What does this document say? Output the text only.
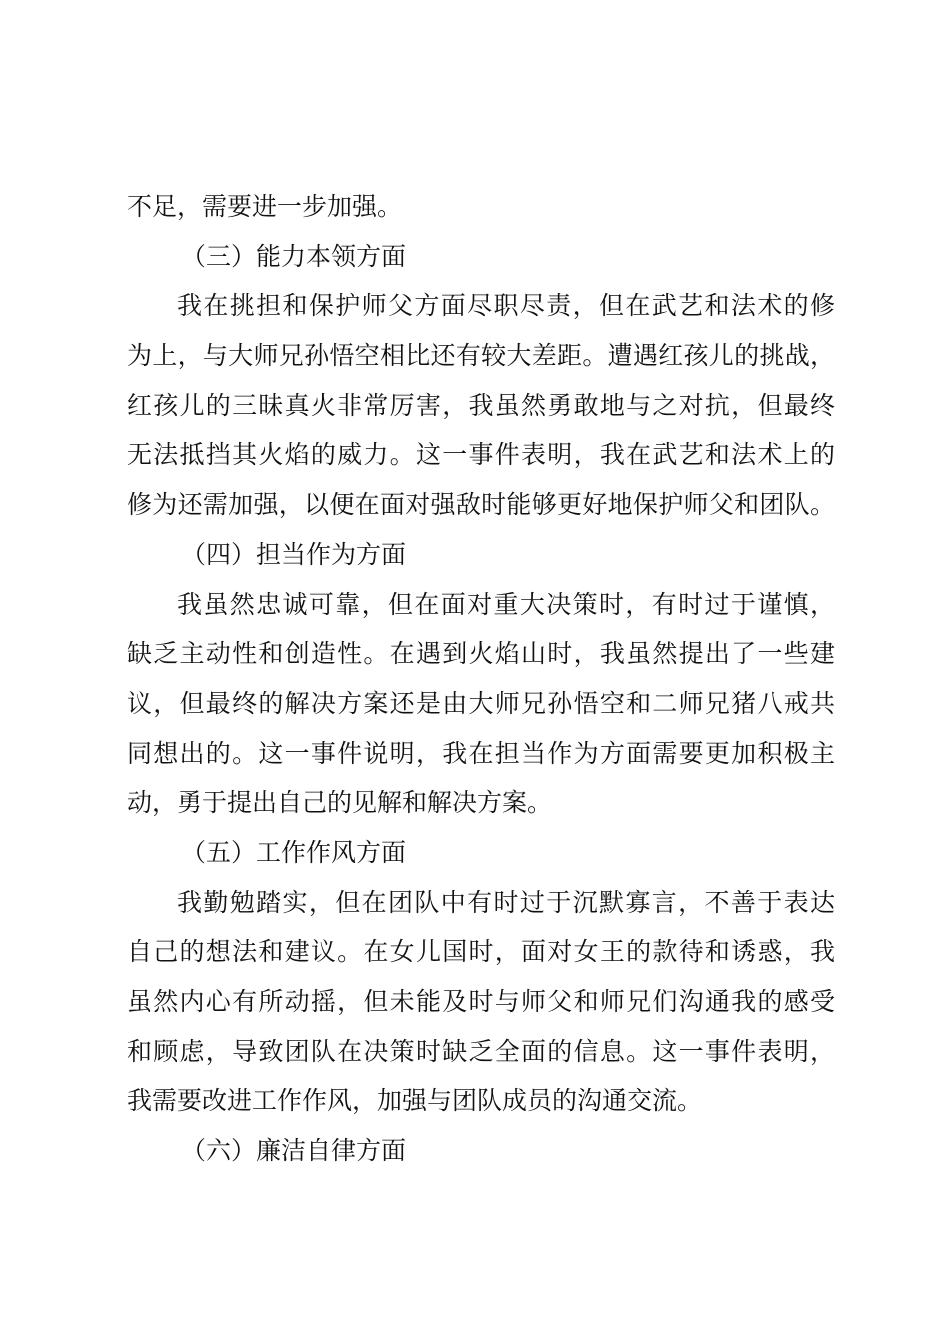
不足，需要进一步加强。
（三）能力本领方面
我在挑担和保护师父方面尽职尽责，但在武艺和法术的修
为上，与大师兄孙悟空相比还有较大差距。遭遇红孩儿的挑战，
红孩儿的三昧真火非常厉害，我虽然勇敢地与之对抗，但最终
无法抵挡其火焰的威力。这一事件表明，我在武艺和法术上的
修为还需加强，以便在面对强敌时能够更好地保护师父和团队。
（四）担当作为方面
我虽然忠诚可靠，但在面对重大决策时，有时过于谨慎，
缺乏主动性和创造性。在遇到火焰山时，我虽然提出了一些建
议，但最终的解决方案还是由大师兄孙悟空和二师兄猪八戒共
同想出的。这一事件说明，我在担当作为方面需要更加积极主
动，勇于提出自己的见解和解决方案。
（五）工作作风方面
我勤勉踏实，但在团队中有时过于沉默寡言，不善于表达
自己的想法和建议。在女儿国时，面对女王的款待和诱惑，我
虽然内心有所动摇，但未能及时与师父和师兄们沟通我的感受
和顾虑，导致团队在决策时缺乏全面的信息。这一事件表明，
我需要改进工作作风，加强与团队成员的沟通交流。
（六）廉洁自律方面
